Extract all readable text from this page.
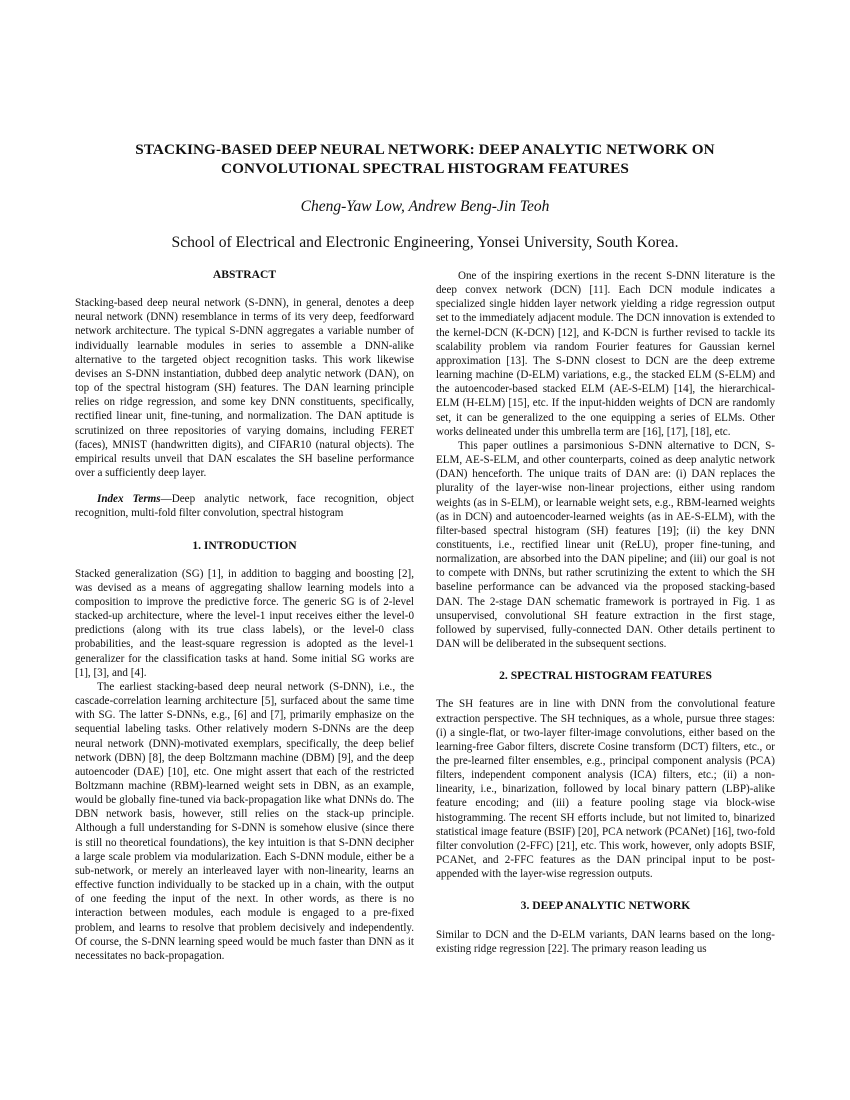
STACKING-BASED DEEP NEURAL NETWORK: DEEP ANALYTIC NETWORK ON
CONVOLUTIONAL SPECTRAL HISTOGRAM FEATURES
Cheng-Yaw Low, Andrew Beng-Jin Teoh
School of Electrical and Electronic Engineering, Yonsei University, South Korea.
ABSTRACT

Stacking-based deep neural network (S-DNN), in general, denotes a deep neural network (DNN) resemblance in terms of its very deep, feedforward network architecture. The typical S-DNN aggregates a variable number of individually learnable modules in series to assemble a DNN-alike alternative to the targeted object recognition tasks. This work likewise devises an S-DNN instantiation, dubbed deep analytic network (DAN), on top of the spectral histogram (SH) features. The DAN learning principle relies on ridge regression, and some key DNN constituents, specifically, rectified linear unit, fine-tuning, and normalization. The DAN aptitude is scrutinized on three repositories of varying domains, including FERET (faces), MNIST (handwritten digits), and CIFAR10 (natural objects). The empirical results unveil that DAN escalates the SH baseline performance over a sufficiently deep layer.

Index Terms—Deep analytic network, face recognition, object recognition, multi-fold filter convolution, spectral histogram

1. INTRODUCTION

Stacked generalization (SG) [1], in addition to bagging and boosting [2], was devised as a means of aggregating shallow learning models into a composition to improve the predictive force. The generic SG is of 2-level stacked-up architecture, where the level-1 input receives either the level-0 predictions (along with its true class labels), or the level-0 class probabilities, and the least-square regression is adopted as the level-1 generalizer for the classification tasks at hand. Some initial SG works are [1], [3], and [4].

The earliest stacking-based deep neural network (S-DNN), i.e., the cascade-correlation learning architecture [5], surfaced about the same time with SG. The latter S-DNNs, e.g., [6] and [7], primarily emphasize on the sequential labeling tasks. Other relatively modern S-DNNs are the deep neural network (DNN)-motivated exemplars, specifically, the deep belief network (DBN) [8], the deep Boltzmann machine (DBM) [9], and the deep autoencoder (DAE) [10], etc. One might assert that each of the restricted Boltzmann machine (RBM)-learned weight sets in DBN, as an example, would be globally fine-tuned via back-propagation like what DNNs do. The DBN network basis, however, still relies on the stack-up principle. Although a full understanding for S-DNN is somehow elusive (since there is still no theoretical foundations), the key intuition is that S-DNN decipher a large scale problem via modularization. Each S-DNN module, either be a sub-network, or merely an interleaved layer with non-linearity, learns an effective function individually to be stacked up in a chain, with the output of one feeding the input of the next. In other words, as there is no interaction between modules, each module is engaged to a pre-fixed problem, and learns to resolve that problem decisively and independently. Of course, the S-DNN learning speed would be much faster than DNN as it necessitates no back-propagation.

One of the inspiring exertions in the recent S-DNN literature is the deep convex network (DCN) [11]. Each DCN module indicates a specialized single hidden layer network yielding a ridge regression output set to the immediately adjacent module. The DCN innovation is extended to the kernel-DCN (K-DCN) [12], and K-DCN is further revised to tackle its scalability problem via random Fourier features for Gaussian kernel approximation [13]. The S-DNN closest to DCN are the deep extreme learning machine (D-ELM) variations, e.g., the stacked ELM (S-ELM) and the autoencoder-based stacked ELM (AE-S-ELM) [14], the hierarchical-ELM (H-ELM) [15], etc. If the input-hidden weights of DCN are randomly set, it can be generalized to the one equipping a series of ELMs. Other works delineated under this umbrella term are [16], [17], [18], etc.

This paper outlines a parsimonious S-DNN alternative to DCN, S-ELM, AE-S-ELM, and other counterparts, coined as deep analytic network (DAN) henceforth. The unique traits of DAN are: (i) DAN replaces the plurality of the layer-wise non-linear projections, either using random weights (as in S-ELM), or learnable weight sets, e.g., RBM-learned weights (as in DCN) and autoencoder-learned weights (as in AE-S-ELM), with the filter-based spectral histogram (SH) features [19]; (ii) the key DNN constituents, i.e., rectified linear unit (ReLU), proper fine-tuning, and normalization, are absorbed into the DAN pipeline; and (iii) our goal is not to compete with DNNs, but rather scrutinizing the extent to which the SH baseline performance can be advanced via the proposed stacking-based DAN. The 2-stage DAN schematic framework is portrayed in Fig. 1 as unsupervised, convolutional SH feature extraction in the first stage, followed by supervised, fully-connected DAN. Other details pertinent to DAN will be deliberated in the subsequent sections.

2. SPECTRAL HISTOGRAM FEATURES

The SH features are in line with DNN from the convolutional feature extraction perspective. The SH techniques, as a whole, pursue three stages: (i) a single-flat, or two-layer filter-image convolutions, either based on the learning-free Gabor filters, discrete Cosine transform (DCT) filters, etc., or the pre-learned filter ensembles, e.g., principal component analysis (PCA) filters, independent component analysis (ICA) filters, etc.; (ii) a non-linearity, i.e., binarization, followed by local binary pattern (LBP)-alike feature encoding; and (iii) a feature pooling stage via block-wise histogramming. The recent SH efforts include, but not limited to, binarized statistical image feature (BSIF) [20], PCA network (PCANet) [16], two-fold filter convolution (2-FFC) [21], etc. This work, however, only adopts BSIF, PCANet, and 2-FFC features as the DAN principal input to be post-appended with the layer-wise regression outputs.

3. DEEP ANALYTIC NETWORK

Similar to DCN and the D-ELM variants, DAN learns based on the long-existing ridge regression [22]. The primary reason leading us
